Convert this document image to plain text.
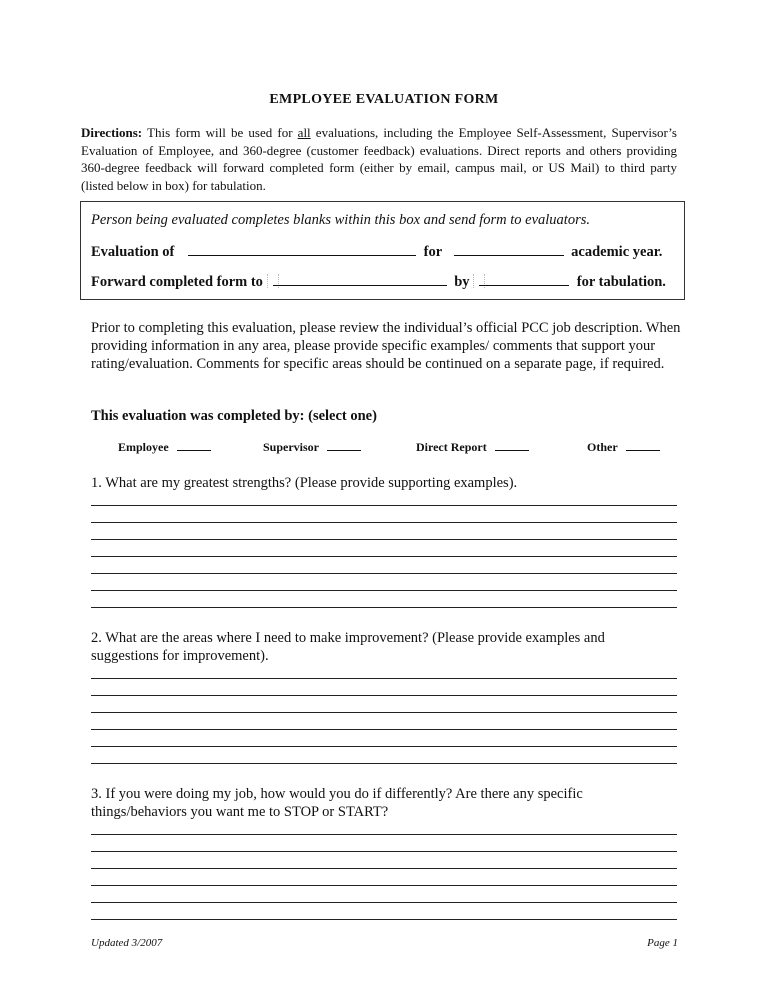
EMPLOYEE EVALUATION FORM
Directions: This form will be used for all evaluations, including the Employee Self-Assessment, Supervisor’s Evaluation of Employee, and 360-degree (customer feedback) evaluations. Direct reports and others providing 360-degree feedback will forward completed form (either by email, campus mail, or US Mail) to third party (listed below in box) for tabulation.
Person being evaluated completes blanks within this box and send form to evaluators.
Evaluation of	for	academic year.
Forward completed form to	by	for tabulation.
Prior to completing this evaluation, please review the individual’s official PCC job description. When providing information in any area, please provide specific examples/ comments that support your rating/evaluation. Comments for specific areas should be continued on a separate page, if required.
This evaluation was completed by: (select one)
Employee	Supervisor	Direct Report	Other
1. What are my greatest strengths? (Please provide supporting examples).
2. What are the areas where I need to make improvement? (Please provide examples and suggestions for improvement).
3. If you were doing my job, how would you do if differently? Are there any specific things/behaviors you want me to STOP or START?
Updated 3/2007	Page 1
